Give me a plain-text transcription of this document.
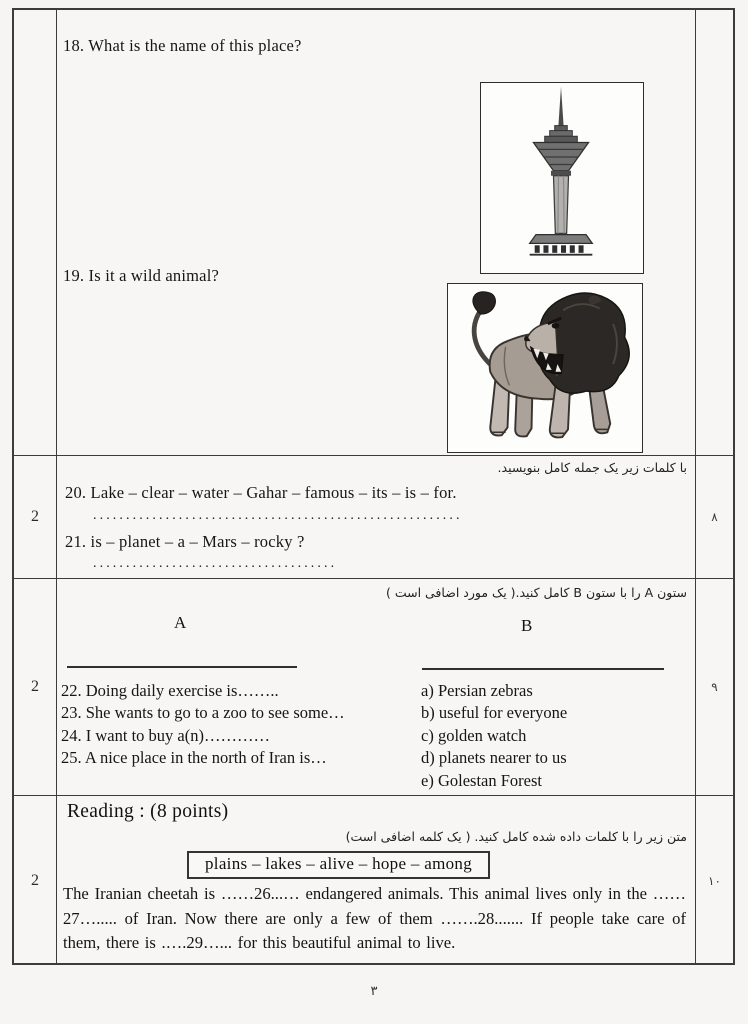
18. What is the name of this place?
19. Is it a wild animal?
2
با کلمات زیر یک جمله کامل بنویسید.
20. Lake – clear – water – Gahar – famous – its – is – for.
........................................................
21. is – planet – a – Mars – rocky ?
.....................................
٨
2
ستون A را با ستون B کامل کنید.( یک مورد اضافی است )
A	B
22. Doing daily exercise is……..
23. She wants to go to a zoo to see some…
24. I want to buy a(n)…………
25. A nice place in the north of Iran is…
a) Persian zebras
b) useful for everyone
c) golden watch
d) planets nearer to us
e) Golestan Forest
٩
2
Reading : (8 points)
متن زیر را با کلمات داده شده کامل کنید. ( یک کلمه اضافی است)
plains – lakes – alive – hope – among
The Iranian cheetah is ……26...… endangered animals. This animal lives only in the ……27…..... of Iran. Now there are only a few of them …….28....... If people take care of them, there is .….29…... for this beautiful animal to live.
١٠
٣
